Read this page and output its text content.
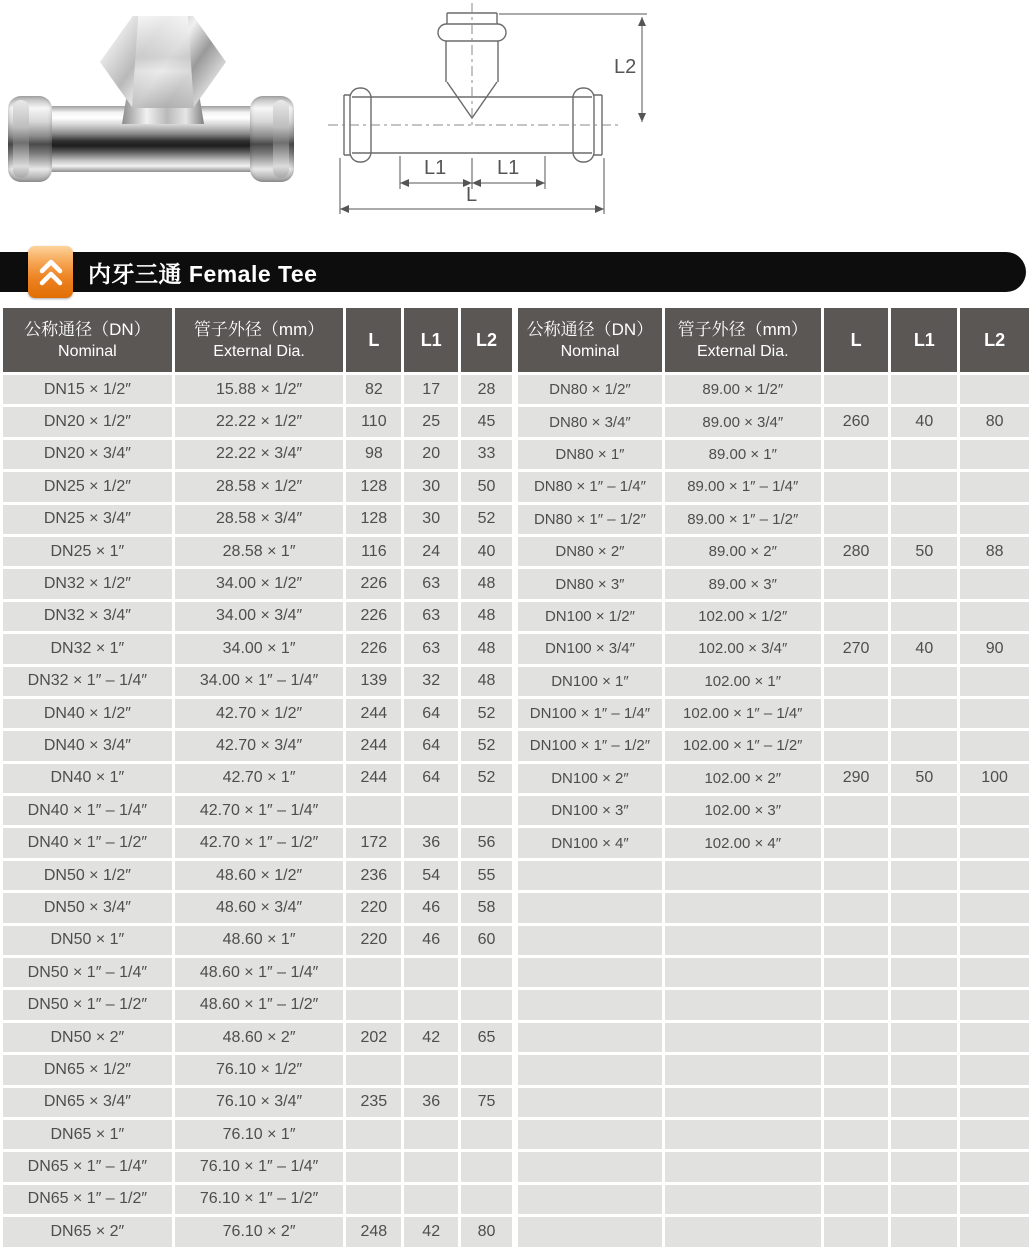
L2
L1	L1
L
内牙三通 Female Tee
公称通径（DN）
Nominal

管子外径（mm）
External Dia.
	L	L1	L2
DN15 × 1/2″	15.88 × 1/2″	82	17	28
DN20 × 1/2″	22.22 × 1/2″	110	25	45
DN20 × 3/4″	22.22 × 3/4″	98	20	33
DN25 × 1/2″	28.58 × 1/2″	128	30	50
DN25 × 3/4″	28.58 × 3/4″	128	30	52
DN25 × 1″	28.58 × 1″	116	24	40
DN32 × 1/2″	34.00 × 1/2″	226	63	48
DN32 × 3/4″	34.00 × 3/4″	226	63	48
DN32 × 1″	34.00 × 1″	226	63	48
DN32 × 1″ – 1/4″	34.00 × 1″ – 1/4″	139	32	48
DN40 × 1/2″	42.70 × 1/2″	244	64	52
DN40 × 3/4″	42.70 × 3/4″	244	64	52
DN40 × 1″	42.70 × 1″	244	64	52
DN40 × 1″ – 1/4″	42.70 × 1″ – 1/4″			
DN40 × 1″ – 1/2″	42.70 × 1″ – 1/2″	172	36	56
DN50 × 1/2″	48.60 × 1/2″	236	54	55
DN50 × 3/4″	48.60 × 3/4″	220	46	58
DN50 × 1″	48.60 × 1″	220	46	60
DN50 × 1″ – 1/4″	48.60 × 1″ – 1/4″			
DN50 × 1″ – 1/2″	48.60 × 1″ – 1/2″			
DN50 × 2″	48.60 × 2″	202	42	65
DN65 × 1/2″	76.10 × 1/2″			
DN65 × 3/4″	76.10 × 3/4″	235	36	75
DN65 × 1″	76.10 × 1″			
DN65 × 1″ – 1/4″	76.10 × 1″ – 1/4″			
DN65 × 1″ – 1/2″	76.10 × 1″ – 1/2″			
DN65 × 2″	76.10 × 2″	248	42	80
公称通径（DN）
Nominal

管子外径（mm）
External Dia.
	L	L1	L2
DN80 × 1/2″	89.00 × 1/2″			
DN80 × 3/4″	89.00 × 3/4″	260	40	80
DN80 × 1″	89.00 × 1″			
DN80 × 1″ – 1/4″	89.00 × 1″ – 1/4″			
DN80 × 1″ – 1/2″	89.00 × 1″ – 1/2″			
DN80 × 2″	89.00 × 2″	280	50	88
DN80 × 3″	89.00 × 3″			
DN100 × 1/2″	102.00 × 1/2″			
DN100 × 3/4″	102.00 × 3/4″	270	40	90
DN100 × 1″	102.00 × 1″			
DN100 × 1″ – 1/4″	102.00 × 1″ – 1/4″			
DN100 × 1″ – 1/2″	102.00 × 1″ – 1/2″			
DN100 × 2″	102.00 × 2″	290	50	100
DN100 × 3″	102.00 × 3″			
DN100 × 4″	102.00 × 4″			
